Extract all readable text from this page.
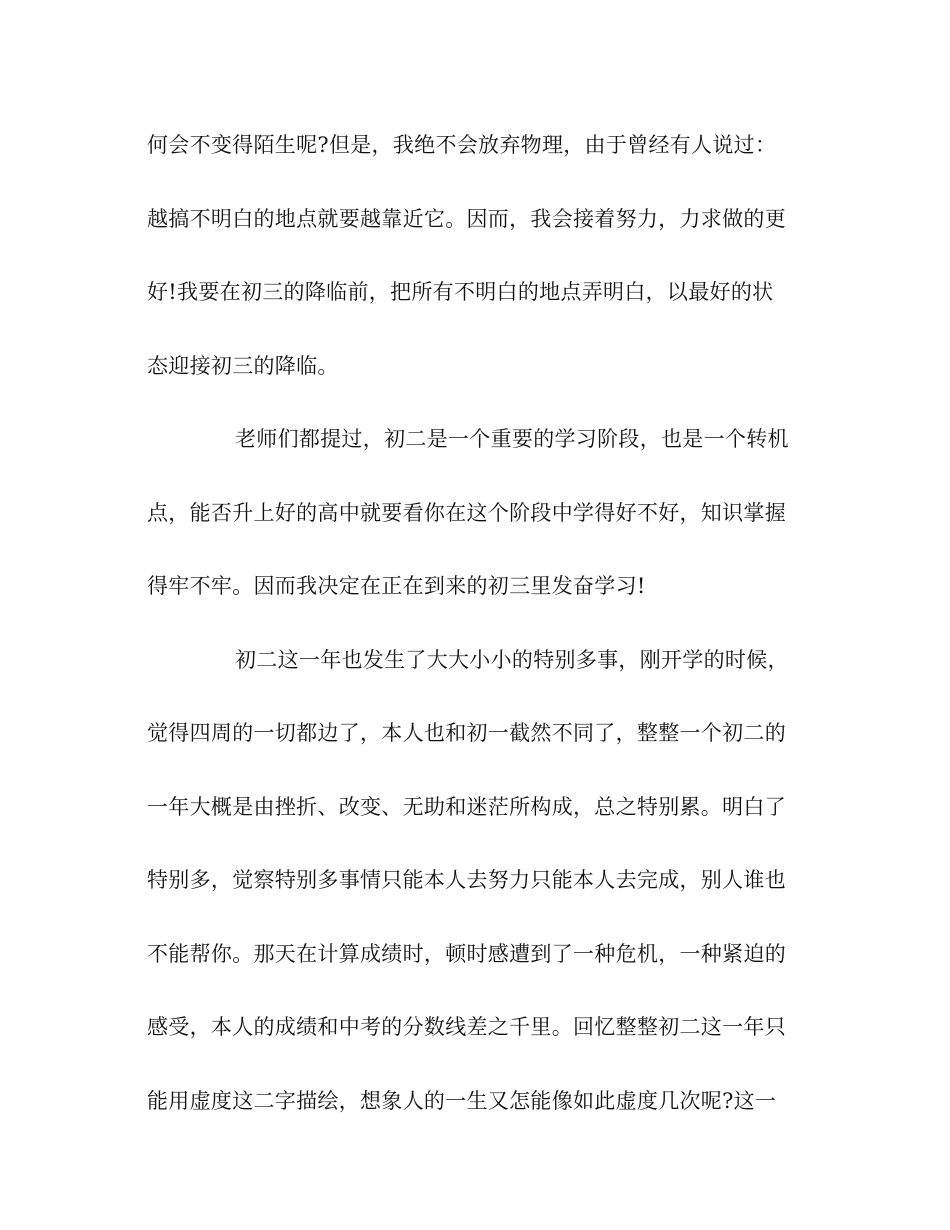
何会不变得陌生呢?但是，我绝不会放弃物理，由于曾经有人说过：
越搞不明白的地点就要越靠近它。因而，我会接着努力，力求做的更
好!我要在初三的降临前，把所有不明白的地点弄明白，以最好的状
态迎接初三的降临。
老师们都提过，初二是一个重要的学习阶段，也是一个转机
点，能否升上好的高中就要看你在这个阶段中学得好不好，知识掌握
得牢不牢。因而我决定在正在到来的初三里发奋学习!
初二这一年也发生了大大小小的特别多事，刚开学的时候，
觉得四周的一切都边了，本人也和初一截然不同了，整整一个初二的
一年大概是由挫折、改变、无助和迷茫所构成，总之特别累。明白了
特别多，觉察特别多事情只能本人去努力只能本人去完成，别人谁也
不能帮你。那天在计算成绩时，顿时感遭到了一种危机，一种紧迫的
感受，本人的成绩和中考的分数线差之千里。回忆整整初二这一年只
能用虚度这二字描绘，想象人的一生又怎能像如此虚度几次呢?这一
